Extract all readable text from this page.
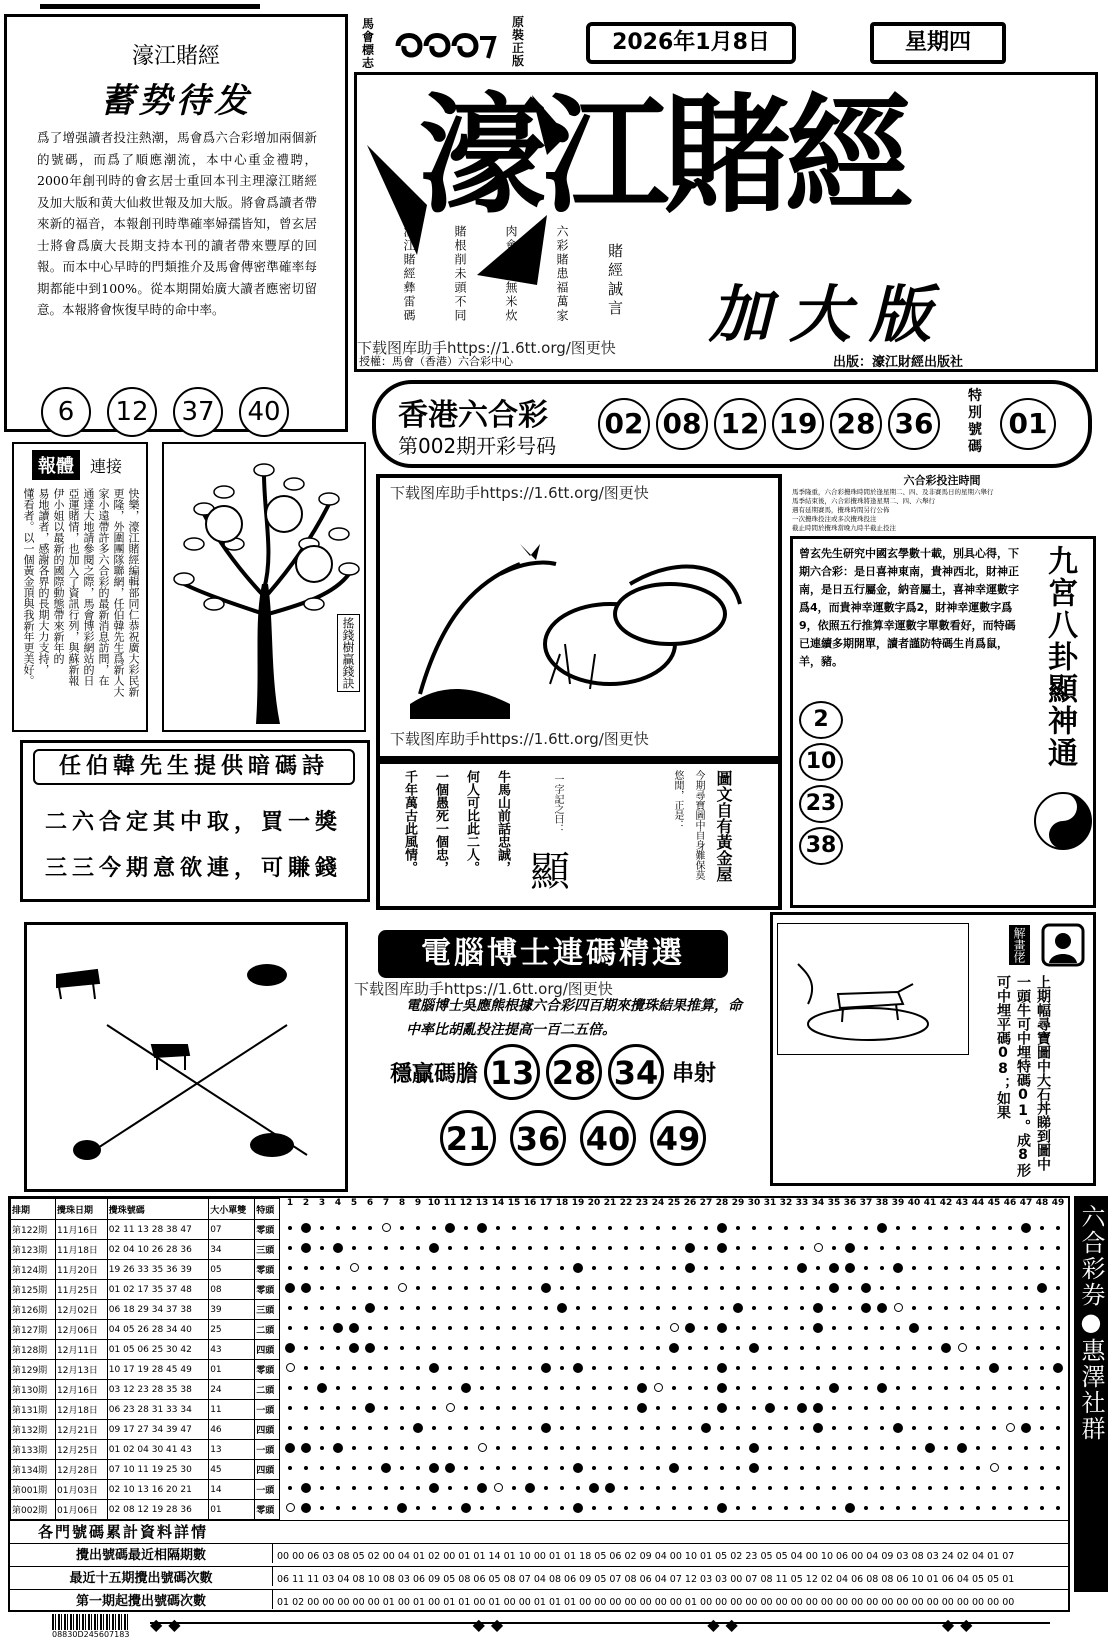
濠江賭經
蓄势待发
爲了增强讀者投注熱潮，馬會爲六合彩增加兩個新的號碼，而爲了順應潮流，本中心重金禮聘，2000年創刊時的會玄居士重回本刊主理濠江賭經及加大版和黄大仙救世報及加大版。將會爲讀者帶來新的福音，本報創刊時準確率婦孺皆知，曾玄居士將會爲廣大長期支持本刊的讀者帶來豐厚的回報。而本中心早時的門類推介及馬會傳密準確率每期都能中到100%。從本期開始廣大讀者應密切留意。本報將會恢復早時的命中率。
6 12 37 40
馬會標志
原裝正版
2026年1月8日	星期四
濠江賭經
加大版
濠江賭經彝雷碼	賭根削未頭不同	肉會至省無米炊	六彩賭患福萬家 賭經誠言
下载图库助手https://1.6tt.org/图更快
授權：馬會（香港）六合彩中心	出版：濠江財經出版社
香港六合彩
第002期开彩号码
02 08 12 19 28 36
特別號碼
01
報體	連接
快樂，濠江賭經編輯部同仁恭祝廣大彩民新
更隆，外圍團隊聯網，任伯韓先生爲新人大
家小遠帶許多六合彩的最新消息訪問，在
通達大地請參閱之際，馬會博彩網站的日
亞運賭情，也加入了資訊行列，與蘇新報
伊小姐以最新的國際動態帶來新年的
易地讀者，感謝各界的長期大力支持，
懂看者。以一個黃金頂與我新年更美好。	搖錢樹贏錢訣
任伯韓先生提供暗碼詩
二六合定其中取，買一獎
三三今期意欲連，可賺錢
下载图库助手https://1.6tt.org/图更快
下载图库助手https://1.6tt.org/图更快
六合彩投注時間
馬季隆重，六合彩攪珠時間於逢星期二、四、及非賽馬日的星期六舉行
馬季結束後，六合彩攪珠將逢星期二、四、六舉行
遇有延期賽馬，攪珠時間另行公佈
一次攪珠投注或多次攪珠投注
截止時間於攪珠當晚九時半截止投注
曾玄先生研究中國玄學數十載，別具心得，下期六合彩：是日喜神東南，貴神西北，財神正南，是日五行屬金，納音屬土，喜神幸運數字爲4，而貴神幸運數字爲2，財神幸運數字爲9，依照五行推算幸運數字單數看好，而特碼已連續多期開單，讀者謹防特碼生肖爲鼠，羊，豬。	九宮八卦顯神通
2
10
23
38
圖文自有黃金屋
今期尋寶圖中自身難保莫
悠閒，正是：
一字記之曰：
顯
牛馬山前話忠誠，
何人可比此二人。
一個愚死一個忠，
千年萬古此風情。
電腦博士連碼精選
下载图库助手https://1.6tt.org/图更快
電腦博士吳應熊根據六合彩四百期來攪珠結果推算，命中率比胡亂投注提高一百二五倍。
穩贏碼膽 13 28 34 串射
21 36 40 49
解畫佬
上期幅尋寶圖中大石丼睇到圖中一頭牛可中埋特碼01。成8形可中埋平碼08；如果
六合彩券●惠澤社群
排期	攪珠日期	攪珠號碼	大小單雙	特頭
第122期	11月16日	02 11 13 28 38 47	07	零頭
第123期	11月18日	02 04 10 26 28 36	34	三頭
第124期	11月20日	19 26 33 35 36 39	05	零頭
第125期	11月25日	01 02 17 35 37 48	08	零頭
第126期	12月02日	06 18 29 34 37 38	39	三頭
第127期	12月06日	04 05 26 28 34 40	25	二頭
第128期	12月11日	01 05 06 25 30 42	43	四頭
第129期	12月13日	10 17 19 28 45 49	01	零頭
第130期	12月16日	03 12 23 28 35 38	24	二頭
第131期	12月18日	06 23 28 31 33 34	11	一頭
第132期	12月21日	09 17 27 34 39 47	46	四頭
第133期	12月25日	01 02 04 30 41 43	13	一頭
第134期	12月28日	07 10 11 19 25 30	45	四頭
第001期	01月03日	02 10 13 16 20 21	14	一頭
第002期	01月06日	02 08 12 19 28 36	01	零頭
1 2 3 4 5 6 7 8 9 10 11 12 13 14 15 16 17 18 19 20 21 22 23 24 25 26 27 28 29 30 31 32 33 34 35 36 37 38 39 40 41 42 43 44 45 46 47 48 49
各門號碼累計資料詳情
攪出號碼最近相隔期數	00 00 06 03 08 05 02 00 04 01 02 00 01 01 14 01 10 00 01 01 18 05 06 02 09 04 00 10 01 05 02 23 05 05 04 00 10 06 00 04 09 03 08 03 24 02 04 01 07
最近十五期攪出號碼次數	06 11 11 03 04 08 10 08 03 06 09 05 08 06 05 08 07 04 08 06 09 05 07 08 06 04 07 12 03 03 00 07 08 11 05 12 02 04 06 08 08 06 10 01 06 04 05 05 01
第一期起攪出號碼次數	01 02 00 00 00 00 00 01 00 01 00 01 01 00 01 00 00 01 01 01 00 00 00 00 00 00 00 01 00 00 00 00 00 00 00 00 00 00 00 00 00 00 00 00 00 00 00 00 00
08830D245607183
◆◆　　　　　　　　　　　　　◆◆　　　　　　　　　◆◆　　　　　　　　　◆◆
